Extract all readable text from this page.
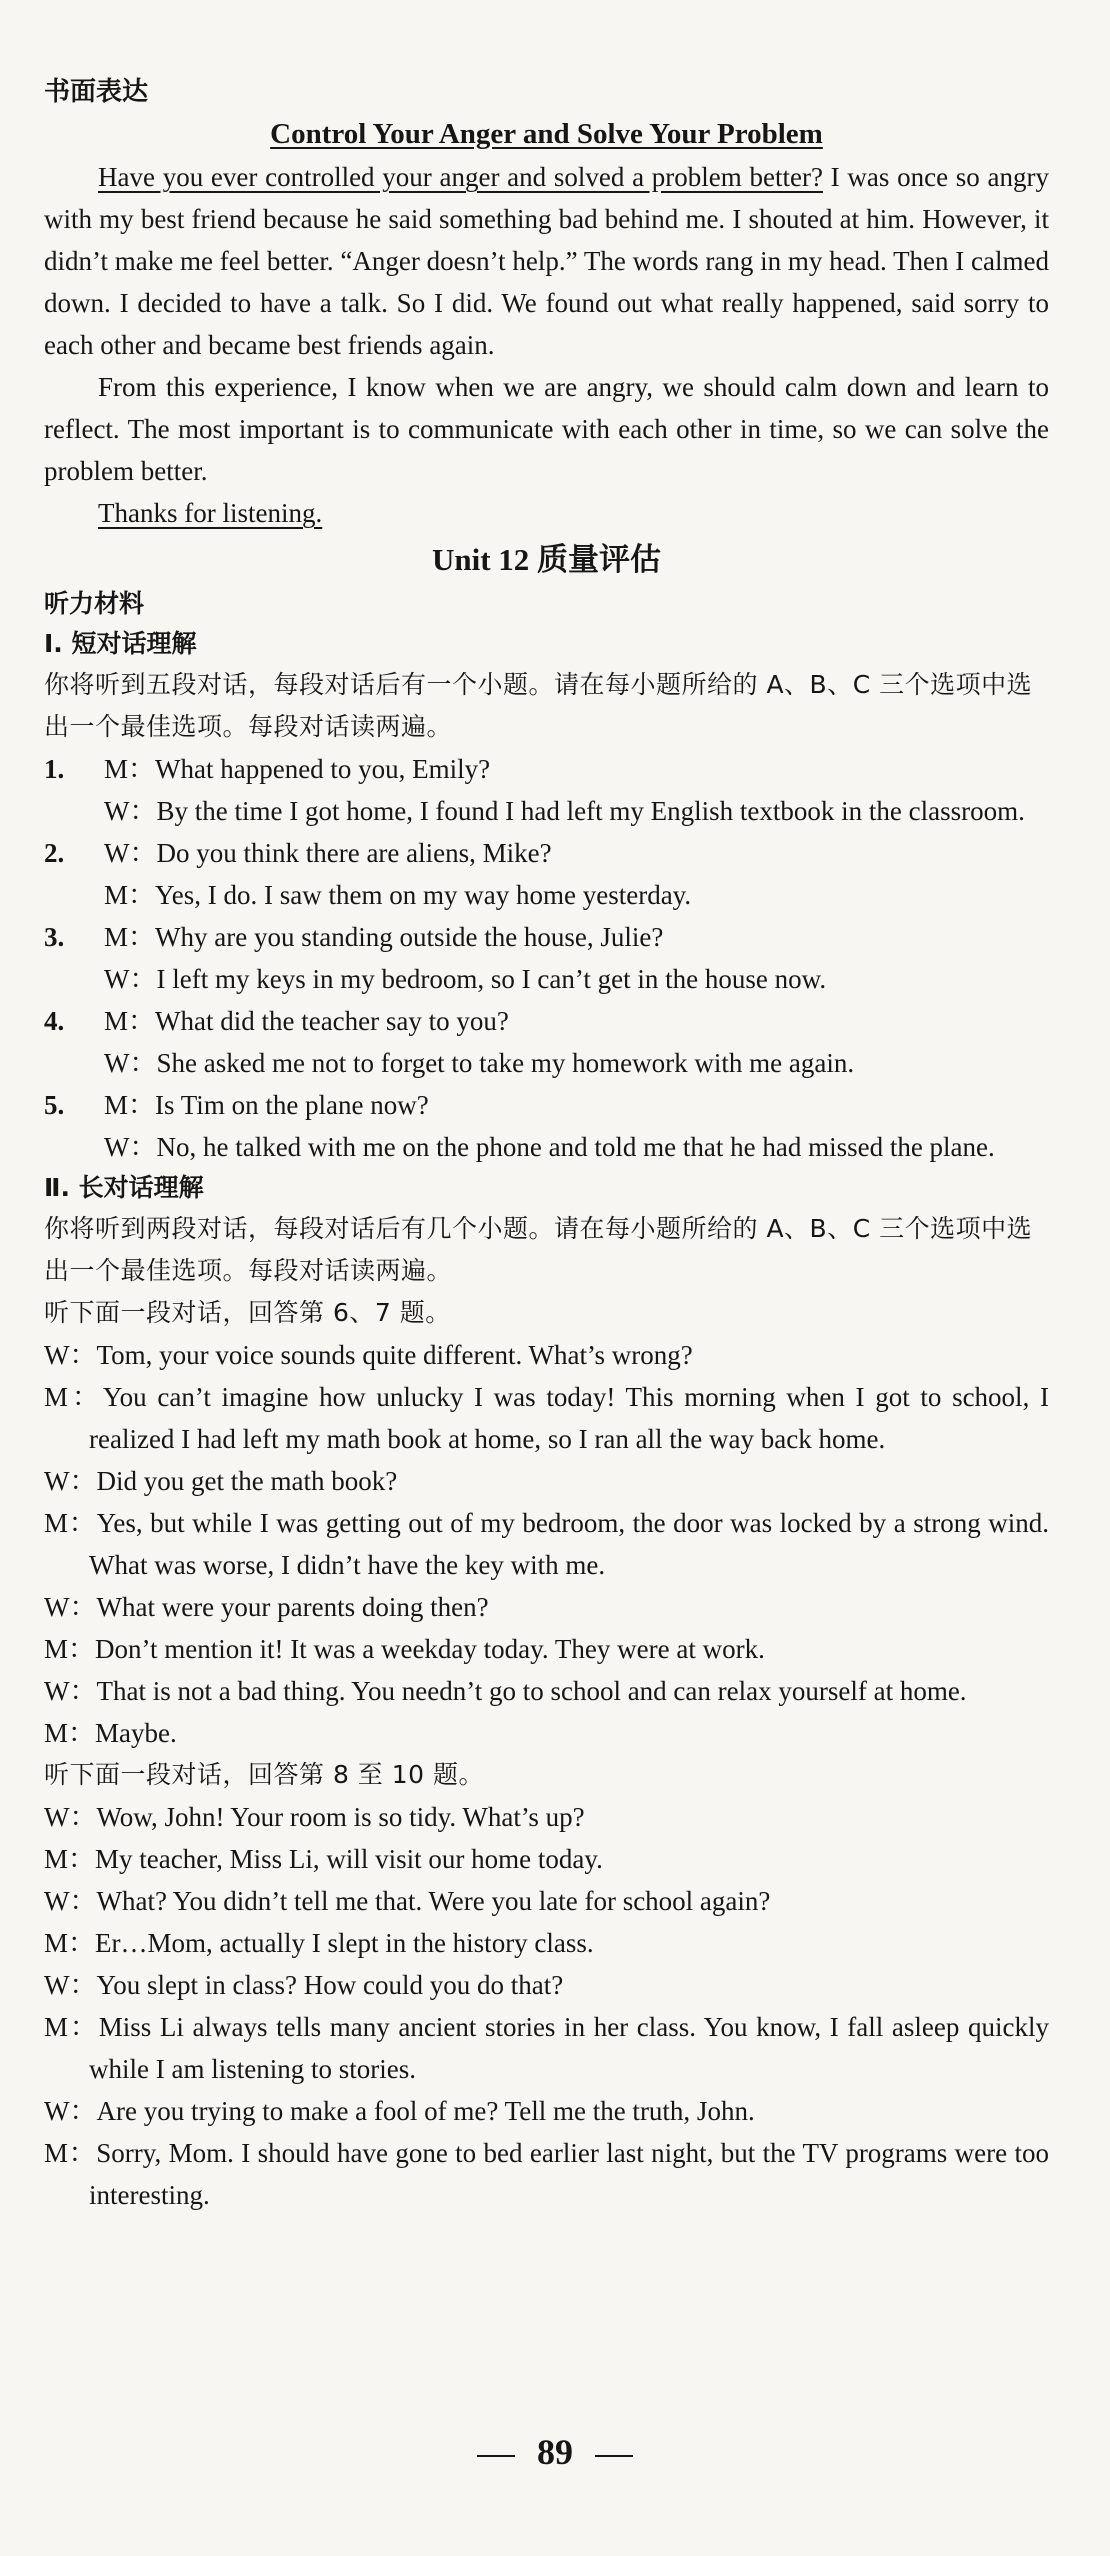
书面表达

Control Your Anger and Solve Your Problem

Have you ever controlled your anger and solved a problem better? I was once so angry with my best friend because he said something bad behind me. I shouted at him. However, it didn’t make me feel better. “Anger doesn’t help.” The words rang in my head. Then I calmed down. I decided to have a talk. So I did. We found out what really happened, said sorry to each other and became best friends again.

From this experience, I know when we are angry, we should calm down and learn to reflect. The most important is to communicate with each other in time, so we can solve the problem better.

Thanks for listening.

Unit 12 质量评估

听力材料

Ⅰ. 短对话理解

你将听到五段对话，每段对话后有一个小题。请在每小题所给的 A、B、C 三个选项中选出一个最佳选项。每段对话读两遍。

1.	M：What happened to you, Emily?

W：By the time I got home, I found I had left my English textbook in the classroom.

2.	W：Do you think there are aliens, Mike?

M：Yes, I do. I saw them on my way home yesterday.

3.	M：Why are you standing outside the house, Julie?

W：I left my keys in my bedroom, so I can’t get in the house now.

4.	M：What did the teacher say to you?

W：She asked me not to forget to take my homework with me again.

5.	M：Is Tim on the plane now?

W：No, he talked with me on the phone and told me that he had missed the plane.

Ⅱ. 长对话理解

你将听到两段对话，每段对话后有几个小题。请在每小题所给的 A、B、C 三个选项中选出一个最佳选项。每段对话读两遍。

听下面一段对话，回答第 6、7 题。

W：Tom, your voice sounds quite different. What’s wrong?

M：You can’t imagine how unlucky I was today! This morning when I got to school, I realized I had left my math book at home, so I ran all the way back home.

W：Did you get the math book?

M：Yes, but while I was getting out of my bedroom, the door was locked by a strong wind. What was worse, I didn’t have the key with me.

W：What were your parents doing then?

M：Don’t mention it! It was a weekday today. They were at work.

W：That is not a bad thing. You needn’t go to school and can relax yourself at home.

M：Maybe.

听下面一段对话，回答第 8 至 10 题。

W：Wow, John! Your room is so tidy. What’s up?

M：My teacher, Miss Li, will visit our home today.

W：What? You didn’t tell me that. Were you late for school again?

M：Er…Mom, actually I slept in the history class.

W：You slept in class? How could you do that?

M：Miss Li always tells many ancient stories in her class. You know, I fall asleep quickly while I am listening to stories.

W：Are you trying to make a fool of me? Tell me the truth, John.

M：Sorry, Mom. I should have gone to bed earlier last night, but the TV programs were too interesting.

89
